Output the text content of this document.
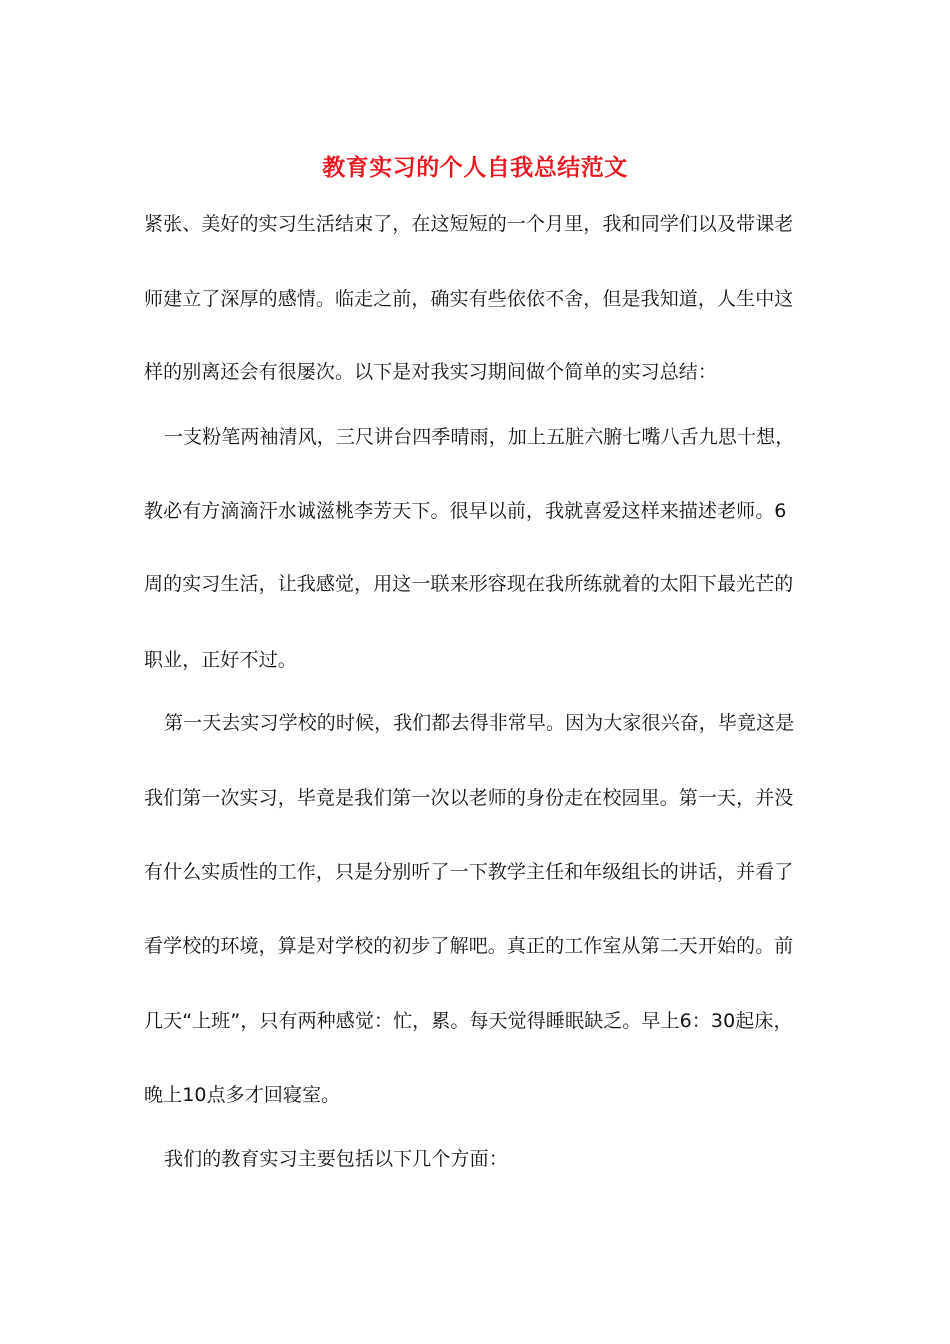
教育实习的个人自我总结范文
紧张、美好的实习生活结束了，在这短短的一个月里，我和同学们以及带课老
师建立了深厚的感情。临走之前，确实有些依依不舍，但是我知道，人生中这
样的别离还会有很屡次。以下是对我实习期间做个简单的实习总结：
一支粉笔两袖清风，三尺讲台四季晴雨，加上五脏六腑七嘴八舌九思十想，
教必有方滴滴汗水诚滋桃李芳天下。很早以前，我就喜爱这样来描述老师。6
周的实习生活，让我感觉，用这一联来形容现在我所练就着的太阳下最光芒的
职业，正好不过。
第一天去实习学校的时候，我们都去得非常早。因为大家很兴奋，毕竟这是
我们第一次实习，毕竟是我们第一次以老师的身份走在校园里。第一天，并没
有什么实质性的工作，只是分别听了一下教学主任和年级组长的讲话，并看了
看学校的环境，算是对学校的初步了解吧。真正的工作室从第二天开始的。前
几天“上班”，只有两种感觉：忙，累。每天觉得睡眠缺乏。早上6：30起床，
晚上10点多才回寝室。
我们的教育实习主要包括以下几个方面：
